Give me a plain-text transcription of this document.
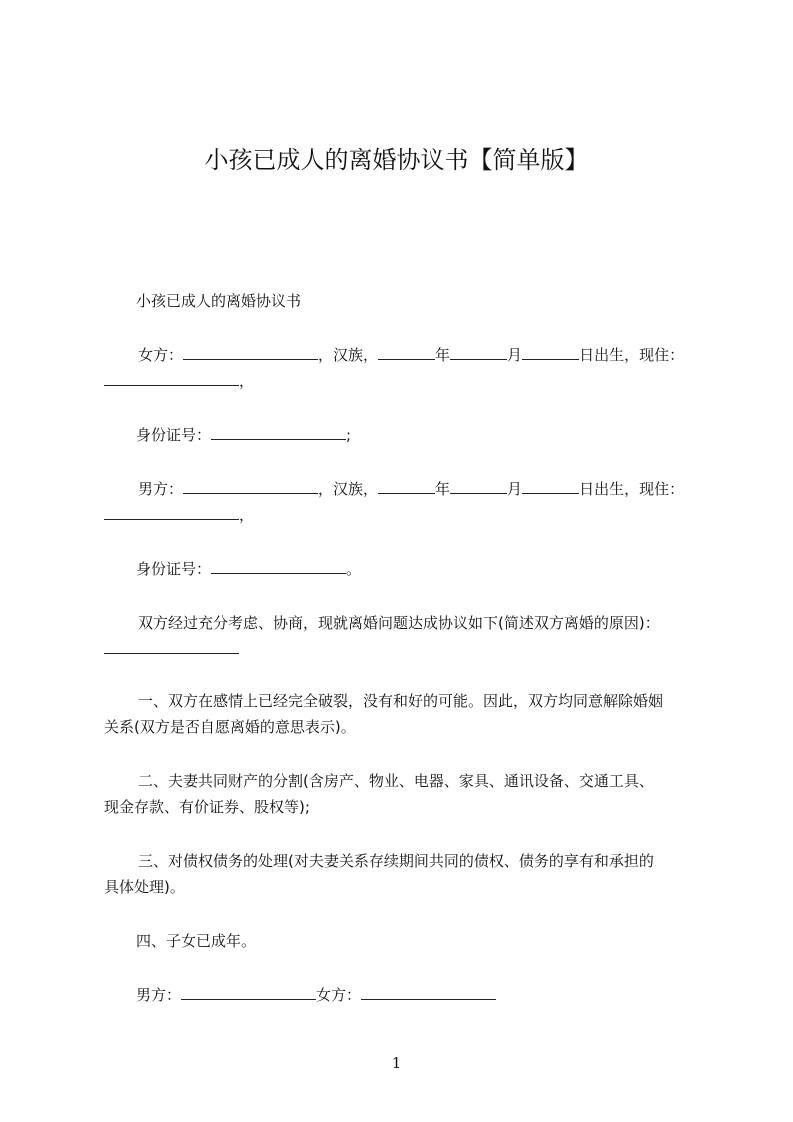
小孩已成人的离婚协议书【简单版】
小孩已成人的离婚协议书
女方：	，汉族，	年	月	日出生，现住：
，
身份证号：	;
男方：	，汉族，	年	月	日出生，现住：
，
身份证号：	。
双方经过充分考虑、协商，现就离婚问题达成协议如下(简述双方离婚的原因)：
一、双方在感情上已经完全破裂，没有和好的可能。因此，双方均同意解除婚姻
关系(双方是否自愿离婚的意思表示)。
二、夫妻共同财产的分割(含房产、物业、电器、家具、通讯设备、交通工具、
现金存款、有价证券、股权等);
三、对债权债务的处理(对夫妻关系存续期间共同的债权、债务的享有和承担的
具体处理)。
四、子女已成年。
男方：	女方：
1
